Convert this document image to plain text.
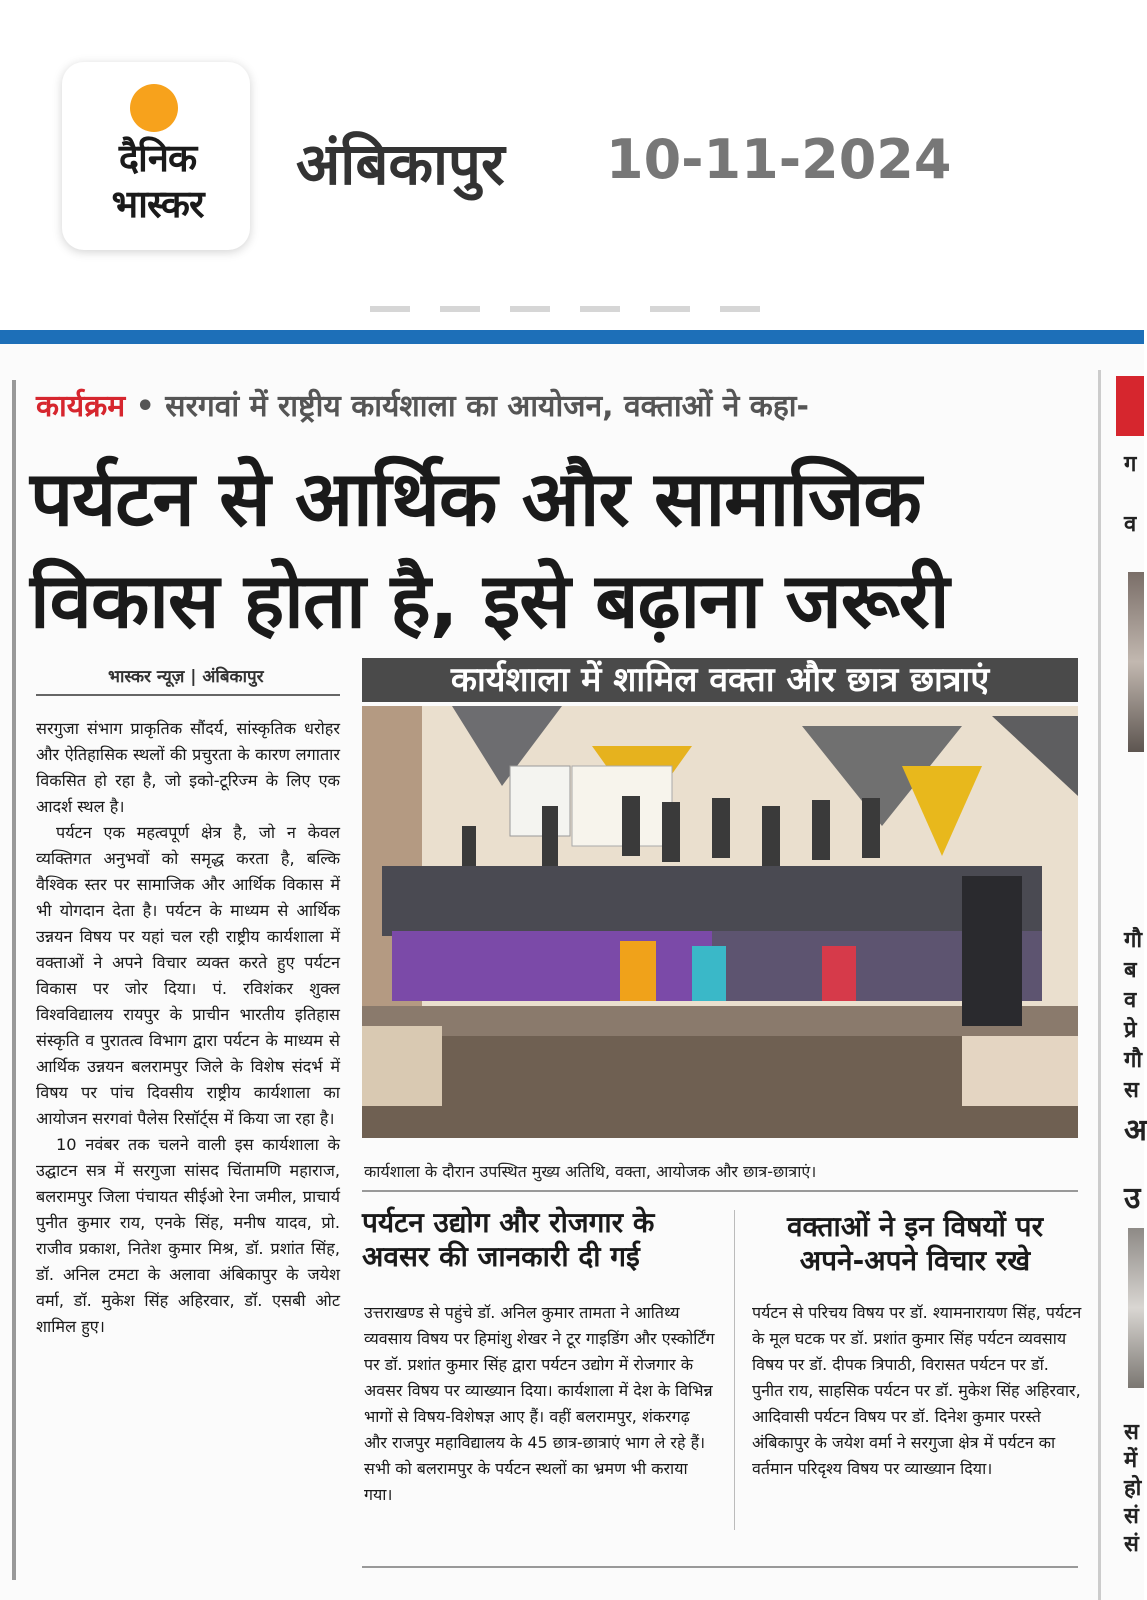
दैनिक
भास्कर
अंबिकापुर 10-11-2024
ग
व
गौ
ब
व
प्रे
गौ
स
अ
उ
स
में
हो
सं
सं
कार्यक्रम • सरगवां में राष्ट्रीय कार्यशाला का आयोजन, वक्ताओं ने कहा-
पर्यटन से आर्थिक और सामाजिक
विकास होता है, इसे बढ़ाना जरूरी
भास्कर न्यूज़ | अंबिकापुर

सरगुजा संभाग प्राकृतिक सौंदर्य, सांस्कृतिक धरोहर और ऐतिहासिक स्थलों की प्रचुरता के कारण लगातार विकसित हो रहा है, जो इको-टूरिज्म के लिए एक आदर्श स्थल है।

पर्यटन एक महत्वपूर्ण क्षेत्र है, जो न केवल व्यक्तिगत अनुभवों को समृद्ध करता है, बल्कि वैश्विक स्तर पर सामाजिक और आर्थिक विकास में भी योगदान देता है। पर्यटन के माध्यम से आर्थिक उन्नयन विषय पर यहां चल रही राष्ट्रीय कार्यशाला में वक्ताओं ने अपने विचार व्यक्त करते हुए पर्यटन विकास पर जोर दिया। पं. रविशंकर शुक्ल विश्वविद्यालय रायपुर के प्राचीन भारतीय इतिहास संस्कृति व पुरातत्व विभाग द्वारा पर्यटन के माध्यम से आर्थिक उन्नयन बलरामपुर जिले के विशेष संदर्भ में विषय पर पांच दिवसीय राष्ट्रीय कार्यशाला का आयोजन सरगवां पैलेस रिसॉर्ट्स में किया जा रहा है।

10 नवंबर तक चलने वाली इस कार्यशाला के उद्घाटन सत्र में सरगुजा सांसद चिंतामणि महाराज, बलरामपुर जिला पंचायत सीईओ रेना जमील, प्राचार्य पुनीत कुमार राय, एनके सिंह, मनीष यादव, प्रो. राजीव प्रकाश, नितेश कुमार मिश्र, डॉ. प्रशांत सिंह, डॉ. अनिल टमटा के अलावा अंबिकापुर के जयेश वर्मा, डॉ. मुकेश सिंह अहिरवार, डॉ. एसबी ओट शामिल हुए।

कार्यशाला में शामिल वक्ता और छात्र छात्राएं
कार्यशाला के दौरान उपस्थित मुख्य अतिथि, वक्ता, आयोजक और छात्र-छात्राएं।
पर्यटन उद्योग और रोजगार के अवसर की जानकारी दी गई
वक्ताओं ने इन विषयों पर अपने-अपने विचार रखे
उत्तराखण्ड से पहुंचे डॉ. अनिल कुमार तामता ने आतिथ्य व्यवसाय विषय पर हिमांशु शेखर ने टूर गाइडिंग और एस्कोर्टिंग पर डॉ. प्रशांत कुमार सिंह द्वारा पर्यटन उद्योग में रोजगार के अवसर विषय पर व्याख्यान दिया। कार्यशाला में देश के विभिन्न भागों से विषय-विशेषज्ञ आए हैं। वहीं बलरामपुर, शंकरगढ़ और राजपुर महाविद्यालय के 45 छात्र-छात्राएं भाग ले रहे हैं। सभी को बलरामपुर के पर्यटन स्थलों का भ्रमण भी कराया गया।
पर्यटन से परिचय विषय पर डॉ. श्यामनारायण सिंह, पर्यटन के मूल घटक पर डॉ. प्रशांत कुमार सिंह पर्यटन व्यवसाय विषय पर डॉ. दीपक त्रिपाठी, विरासत पर्यटन पर डॉ. पुनीत राय, साहसिक पर्यटन पर डॉ. मुकेश सिंह अहिरवार, आदिवासी पर्यटन विषय पर डॉ. दिनेश कुमार परस्ते अंबिकापुर के जयेश वर्मा ने सरगुजा क्षेत्र में पर्यटन का वर्तमान परिदृश्य विषय पर व्याख्यान दिया।
